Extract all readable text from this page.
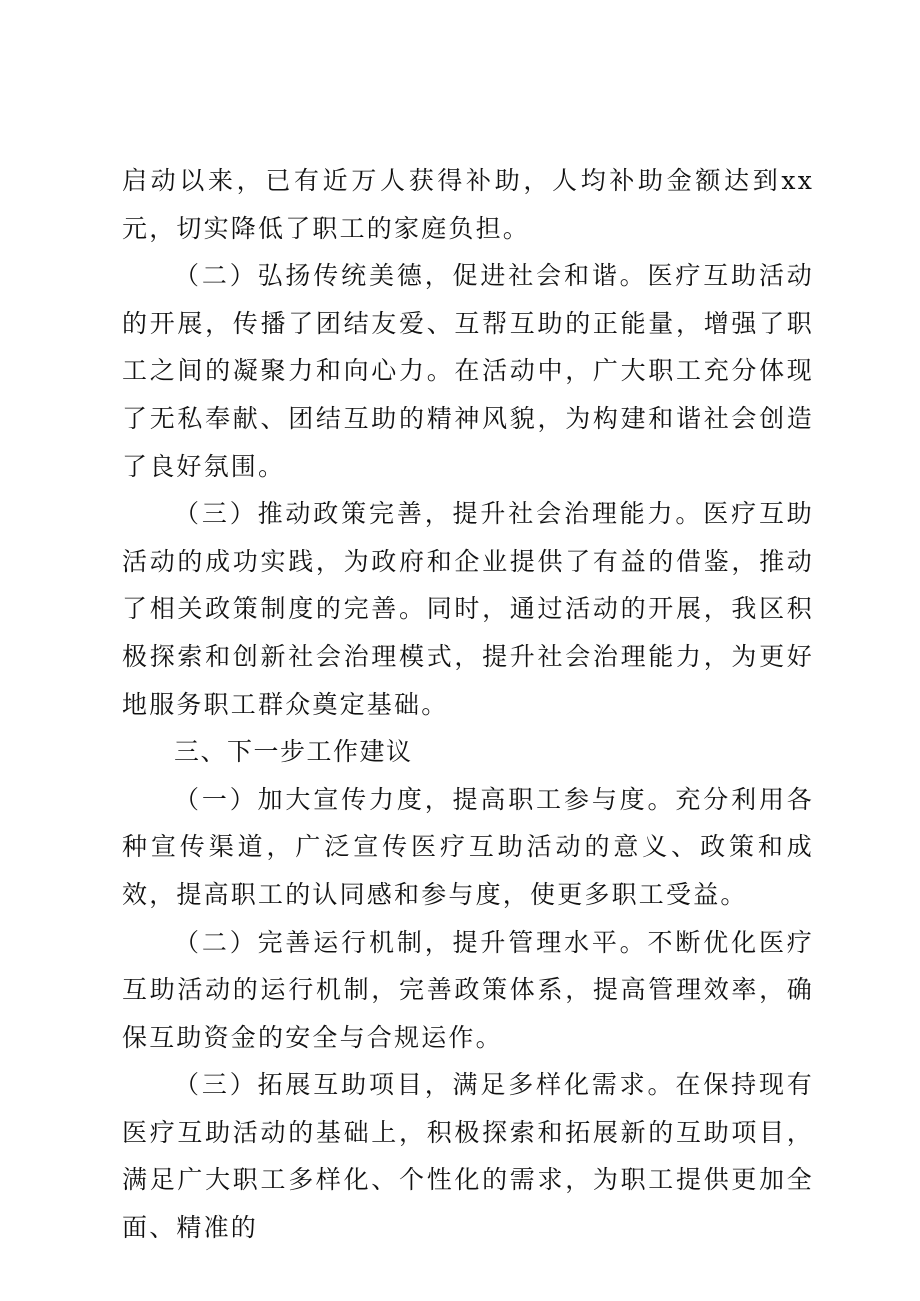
启动以来，已有近万人获得补助，人均补助金额达到xx元，切实降低了职工的家庭负担。

（二）弘扬传统美德，促进社会和谐。医疗互助活动的开展，传播了团结友爱、互帮互助的正能量，增强了职工之间的凝聚力和向心力。在活动中，广大职工充分体现了无私奉献、团结互助的精神风貌，为构建和谐社会创造了良好氛围。

（三）推动政策完善，提升社会治理能力。医疗互助活动的成功实践，为政府和企业提供了有益的借鉴，推动了相关政策制度的完善。同时，通过活动的开展，我区积极探索和创新社会治理模式，提升社会治理能力，为更好地服务职工群众奠定基础。

三、下一步工作建议

（一）加大宣传力度，提高职工参与度。充分利用各种宣传渠道，广泛宣传医疗互助活动的意义、政策和成效，提高职工的认同感和参与度，使更多职工受益。

（二）完善运行机制，提升管理水平。不断优化医疗互助活动的运行机制，完善政策体系，提高管理效率，确保互助资金的安全与合规运作。

（三）拓展互助项目，满足多样化需求。在保持现有医疗互助活动的基础上，积极探索和拓展新的互助项目，满足广大职工多样化、个性化的需求，为职工提供更加全面、精准的
